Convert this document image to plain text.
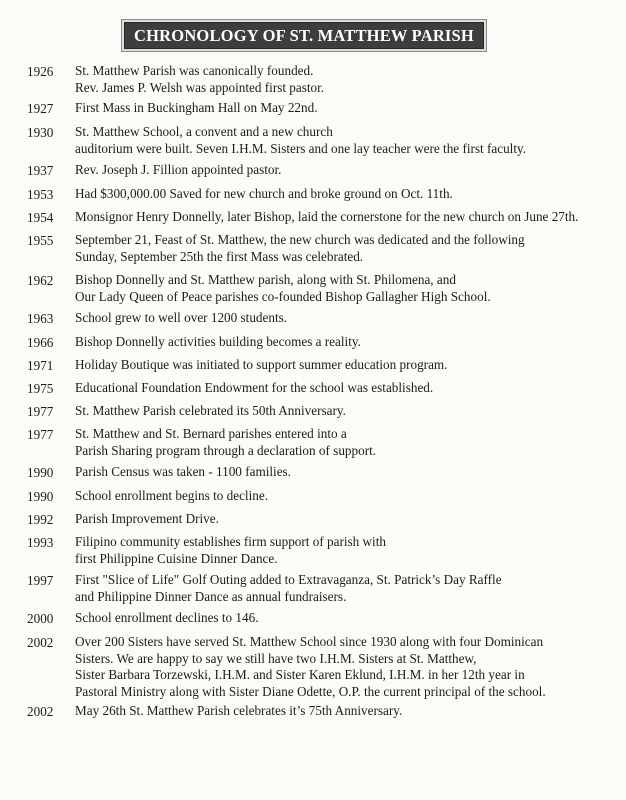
CHRONOLOGY OF ST. MATTHEW PARISH
1926 St. Matthew Parish was canonically founded.
Rev. James P. Welsh was appointed first pastor.
1927 First Mass in Buckingham Hall on May 22nd.
1930 St. Matthew School, a convent and a new church
auditorium were built. Seven I.H.M. Sisters and one lay teacher were the first faculty.
1937 Rev. Joseph J. Fillion appointed pastor.
1953 Had $300,000.00 Saved for new church and broke ground on Oct. 11th.
1954 Monsignor Henry Donnelly, later Bishop, laid the cornerstone for the new church on June 27th.
1955 September 21, Feast of St. Matthew, the new church was dedicated and the following
Sunday, September 25th the first Mass was celebrated.
1962 Bishop Donnelly and St. Matthew parish, along with St. Philomena, and
Our Lady Queen of Peace parishes co-founded Bishop Gallagher High School.
1963 School grew to well over 1200 students.
1966 Bishop Donnelly activities building becomes a reality.
1971 Holiday Boutique was initiated to support summer education program.
1975 Educational Foundation Endowment for the school was established.
1977 St. Matthew Parish celebrated its 50th Anniversary.
1977 St. Matthew and St. Bernard parishes entered into a
Parish Sharing program through a declaration of support.
1990 Parish Census was taken - 1100 families.
1990 School enrollment begins to decline.
1992 Parish Improvement Drive.
1993 Filipino community establishes firm support of parish with
first Philippine Cuisine Dinner Dance.
1997 First "Slice of Life" Golf Outing added to Extravaganza, St. Patrick’s Day Raffle
and Philippine Dinner Dance as annual fundraisers.
2000 School enrollment declines to 146.
2002 Over 200 Sisters have served St. Matthew School since 1930 along with four Dominican
Sisters. We are happy to say we still have two I.H.M. Sisters at St. Matthew,
Sister Barbara Torzewski, I.H.M. and Sister Karen Eklund, I.H.M. in her 12th year in
Pastoral Ministry along with Sister Diane Odette, O.P. the current principal of the school.
2002 May 26th St. Matthew Parish celebrates it’s 75th Anniversary.
